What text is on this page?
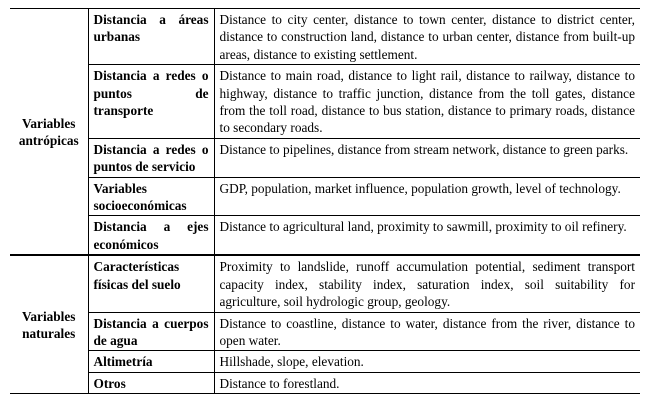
Variables antrópicas	Distancia a áreas urbanas	Distance to city center, distance to town center, distance to district center, distance to construction land, distance to urban center, distance from built-up areas, distance to existing settlement.
	Distancia a redes o puntos de transporte	Distance to main road, distance to light rail, distance to railway, distance to highway, distance to traffic junction, distance from the toll gates, distance from the toll road, distance to bus station, distance to primary roads, distance to secondary roads.
	Distancia a redes o puntos de servicio	Distance to pipelines, distance from stream network, distance to green parks.
	Variables socioeconómicas	GDP, population, market influence, population growth, level of technology.
	Distancia a ejes económicos	Distance to agricultural land, proximity to sawmill, proximity to oil refinery.
Variables naturales	Características físicas del suelo	Proximity to landslide, runoff accumulation potential, sediment transport capacity index, stability index, saturation index, soil suitability for agriculture, soil hydrologic group, geology.
	Distancia a cuerpos de agua	Distance to coastline, distance to water, distance from the river, distance to open water.
	Altimetría	Hillshade, slope, elevation.
	Otros	Distance to forestland.
